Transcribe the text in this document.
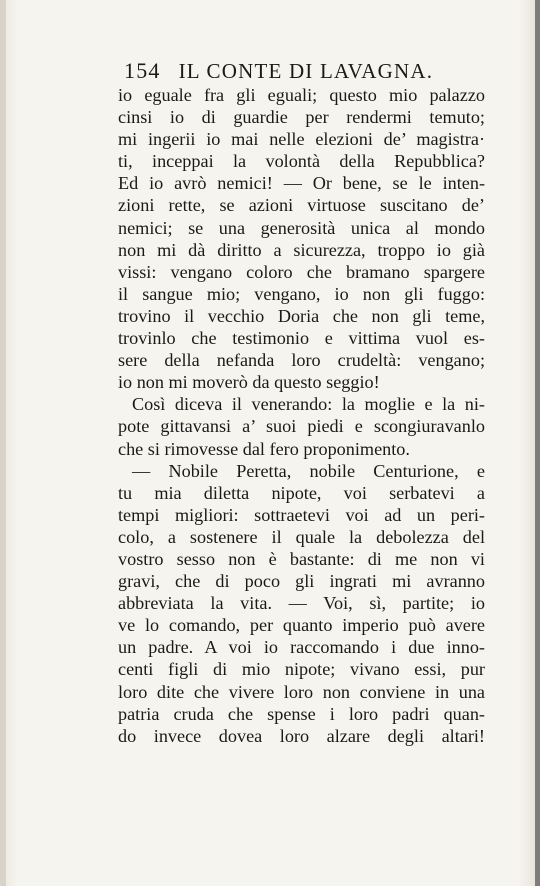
154 IL CONTE DI LAVAGNA.
io eguale fra gli eguali; questo mio palazzo
cinsi io di guardie per rendermi temuto;
mi ingerii io mai nelle elezioni de’ magistra·
ti, inceppai la volontà della Repubblica?
Ed io avrò nemici! — Or bene, se le inten-
zioni rette, se azioni virtuose suscitano de’
nemici; se una generosità unica al mondo
non mi dà diritto a sicurezza, troppo io già
vissi: vengano coloro che bramano spargere
il sangue mio; vengano, io non gli fuggo:
trovino il vecchio Doria che non gli teme,
trovinlo che testimonio e vittima vuol es-
sere della nefanda loro crudeltà: vengano;
io non mi moverò da questo seggio!
Così diceva il venerando: la moglie e la ni-
pote gittavansi a’ suoi piedi e scongiuravanlo
che si rimovesse dal fero proponimento.
— Nobile Peretta, nobile Centurione, e
tu mia diletta nipote, voi serbatevi a
tempi migliori: sottraetevi voi ad un peri-
colo, a sostenere il quale la debolezza del
vostro sesso non è bastante: di me non vi
gravi, che di poco gli ingrati mi avranno
abbreviata la vita. — Voi, sì, partite; io
ve lo comando, per quanto imperio può avere
un padre. A voi io raccomando i due inno-
centi figli di mio nipote; vivano essi, pur
loro dite che vivere loro non conviene in una
patria cruda che spense i loro padri quan-
do invece dovea loro alzare degli altari!
